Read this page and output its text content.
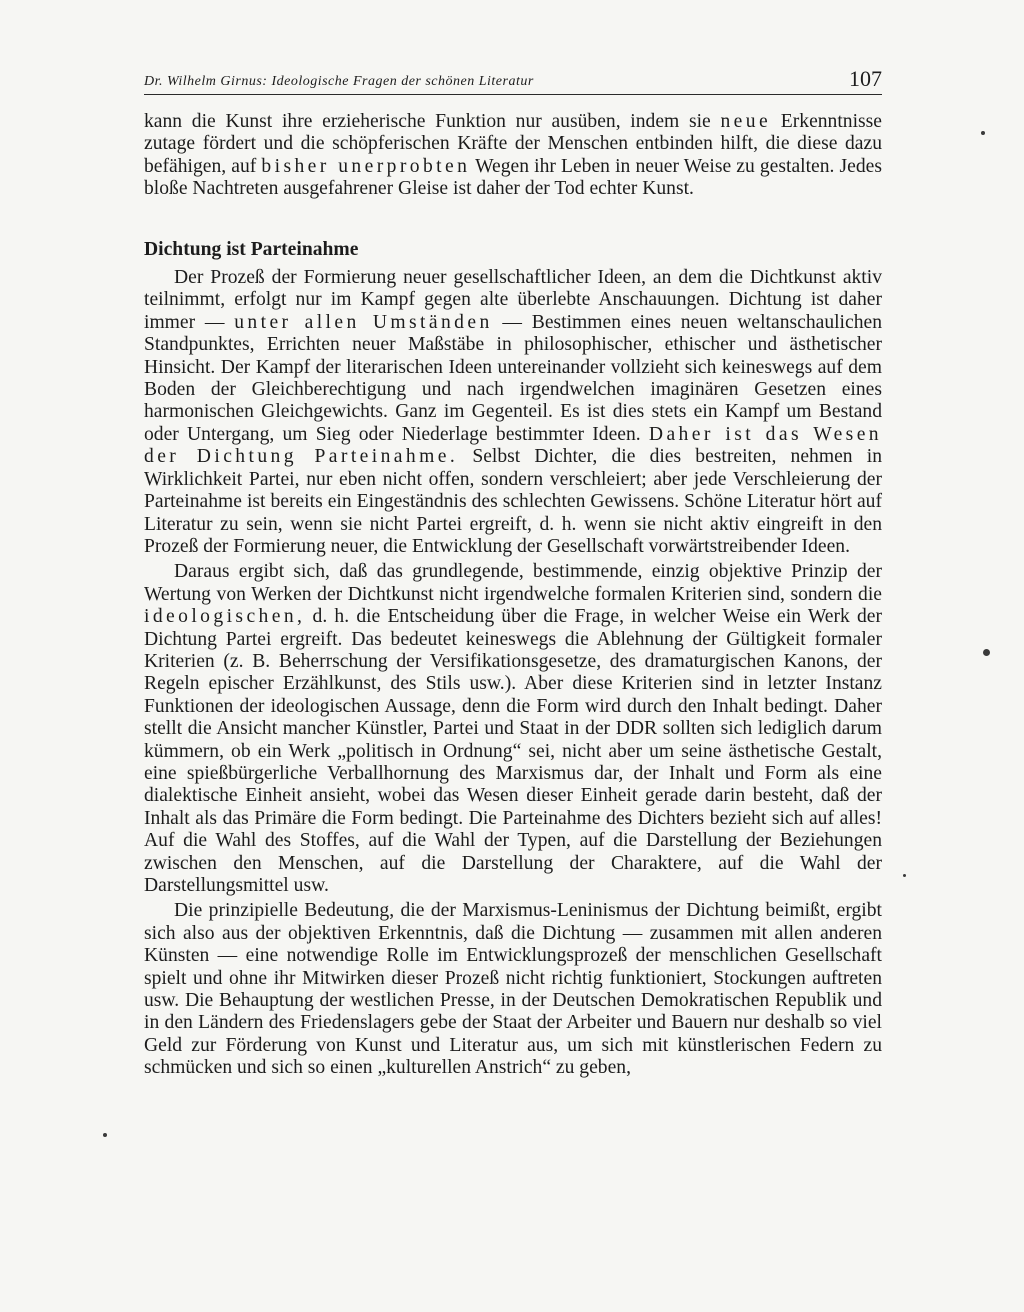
Dr. Wilhelm Girnus: Ideologische Fragen der schönen Literatur	107

kann die Kunst ihre erzieherische Funktion nur ausüben, indem sie neue Erkenntnisse zutage fördert und die schöpferischen Kräfte der Menschen entbinden hilft, die diese dazu befähigen, auf bisher unerprobten Wegen ihr Leben in neuer Weise zu gestalten. Jedes bloße Nachtreten ausgefahrener Gleise ist daher der Tod echter Kunst.

Dichtung ist Parteinahme

Der Prozeß der Formierung neuer gesellschaftlicher Ideen, an dem die Dichtkunst aktiv teilnimmt, erfolgt nur im Kampf gegen alte überlebte Anschauungen. Dichtung ist daher immer — unter allen Umständen — Bestimmen eines neuen weltanschaulichen Standpunktes, Errichten neuer Maßstäbe in philosophischer, ethischer und ästhetischer Hinsicht. Der Kampf der literarischen Ideen untereinander vollzieht sich keineswegs auf dem Boden der Gleichberechtigung und nach irgendwelchen imaginären Gesetzen eines harmonischen Gleichgewichts. Ganz im Gegenteil. Es ist dies stets ein Kampf um Bestand oder Untergang, um Sieg oder Niederlage bestimmter Ideen. Daher ist das Wesen der Dichtung Parteinahme. Selbst Dichter, die dies bestreiten, nehmen in Wirklichkeit Partei, nur eben nicht offen, sondern verschleiert; aber jede Verschleierung der Parteinahme ist bereits ein Eingeständnis des schlechten Gewissens. Schöne Literatur hört auf Literatur zu sein, wenn sie nicht Partei ergreift, d. h. wenn sie nicht aktiv eingreift in den Prozeß der Formierung neuer, die Entwicklung der Gesellschaft vorwärtstreibender Ideen.

Daraus ergibt sich, daß das grundlegende, bestimmende, einzig objektive Prinzip der Wertung von Werken der Dichtkunst nicht irgendwelche formalen Kriterien sind, sondern die ideologischen, d. h. die Entscheidung über die Frage, in welcher Weise ein Werk der Dichtung Partei ergreift. Das bedeutet keineswegs die Ablehnung der Gültigkeit formaler Kriterien (z. B. Beherrschung der Versifikationsgesetze, des dramaturgischen Kanons, der Regeln epischer Erzählkunst, des Stils usw.). Aber diese Kriterien sind in letzter Instanz Funktionen der ideologischen Aussage, denn die Form wird durch den Inhalt bedingt. Daher stellt die Ansicht mancher Künstler, Partei und Staat in der DDR sollten sich lediglich darum kümmern, ob ein Werk „politisch in Ordnung“ sei, nicht aber um seine ästhetische Gestalt, eine spießbürgerliche Verballhornung des Marxismus dar, der Inhalt und Form als eine dialektische Einheit ansieht, wobei das Wesen dieser Einheit gerade darin besteht, daß der Inhalt als das Primäre die Form bedingt. Die Parteinahme des Dichters bezieht sich auf alles! Auf die Wahl des Stoffes, auf die Wahl der Typen, auf die Darstellung der Beziehungen zwischen den Menschen, auf die Darstellung der Charaktere, auf die Wahl der Darstellungsmittel usw.

Die prinzipielle Bedeutung, die der Marxismus-Leninismus der Dichtung beimißt, ergibt sich also aus der objektiven Erkenntnis, daß die Dichtung — zusammen mit allen anderen Künsten — eine notwendige Rolle im Entwicklungsprozeß der menschlichen Gesellschaft spielt und ohne ihr Mitwirken dieser Prozeß nicht richtig funktioniert, Stockungen auftreten usw. Die Behauptung der westlichen Presse, in der Deutschen Demokratischen Republik und in den Ländern des Friedenslagers gebe der Staat der Arbeiter und Bauern nur deshalb so viel Geld zur Förderung von Kunst und Literatur aus, um sich mit künstlerischen Federn zu schmücken und sich so einen „kulturellen Anstrich“ zu geben,
